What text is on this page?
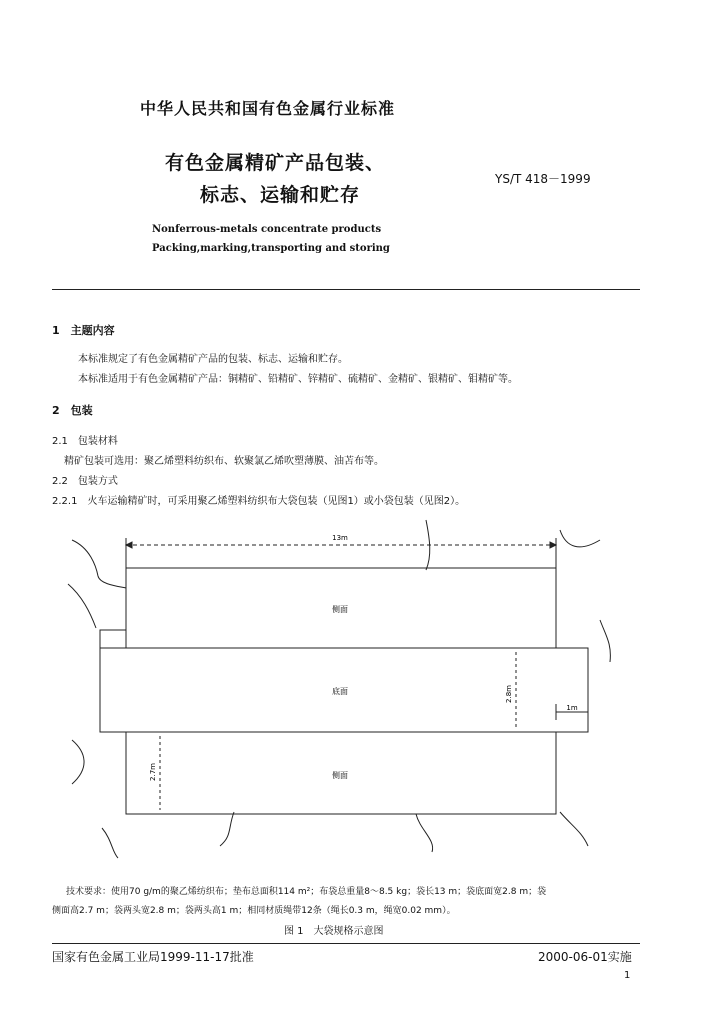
中华人民共和国有色金属行业标准
有色金属精矿产品包装、
标志、运输和贮存
YS/T 418－1999
Nonferrous-metals concentrate products
Packing,marking,transporting and storing
1　主题内容
本标准规定了有色金属精矿产品的包装、标志、运输和贮存。
本标准适用于有色金属精矿产品：铜精矿、铅精矿、锌精矿、硫精矿、金精矿、银精矿、钼精矿等。
2　包装
2.1　包装材料
精矿包装可选用：聚乙烯塑料纺织布、软聚氯乙烯吹塑薄膜、油苫布等。
2.2　包装方式
2.2.1　火车运输精矿时，可采用聚乙烯塑料纺织布大袋包装（见图1）或小袋包装（见图2）。
13m
侧面
底面
侧面
2.8m
1m
2.7m
技术要求：使用70 g/m的聚乙烯纺织布；垫布总面积114 m²；布袋总重量8～8.5 kg；袋长13 m；袋底面宽2.8 m；袋
侧面高2.7 m；袋两头宽2.8 m；袋两头高1 m；相同材质绳带12条（绳长0.3 m，绳宽0.02 mm）。
图 1　大袋规格示意图
国家有色金属工业局1999-11-17批准	2000-06-01实施
1
